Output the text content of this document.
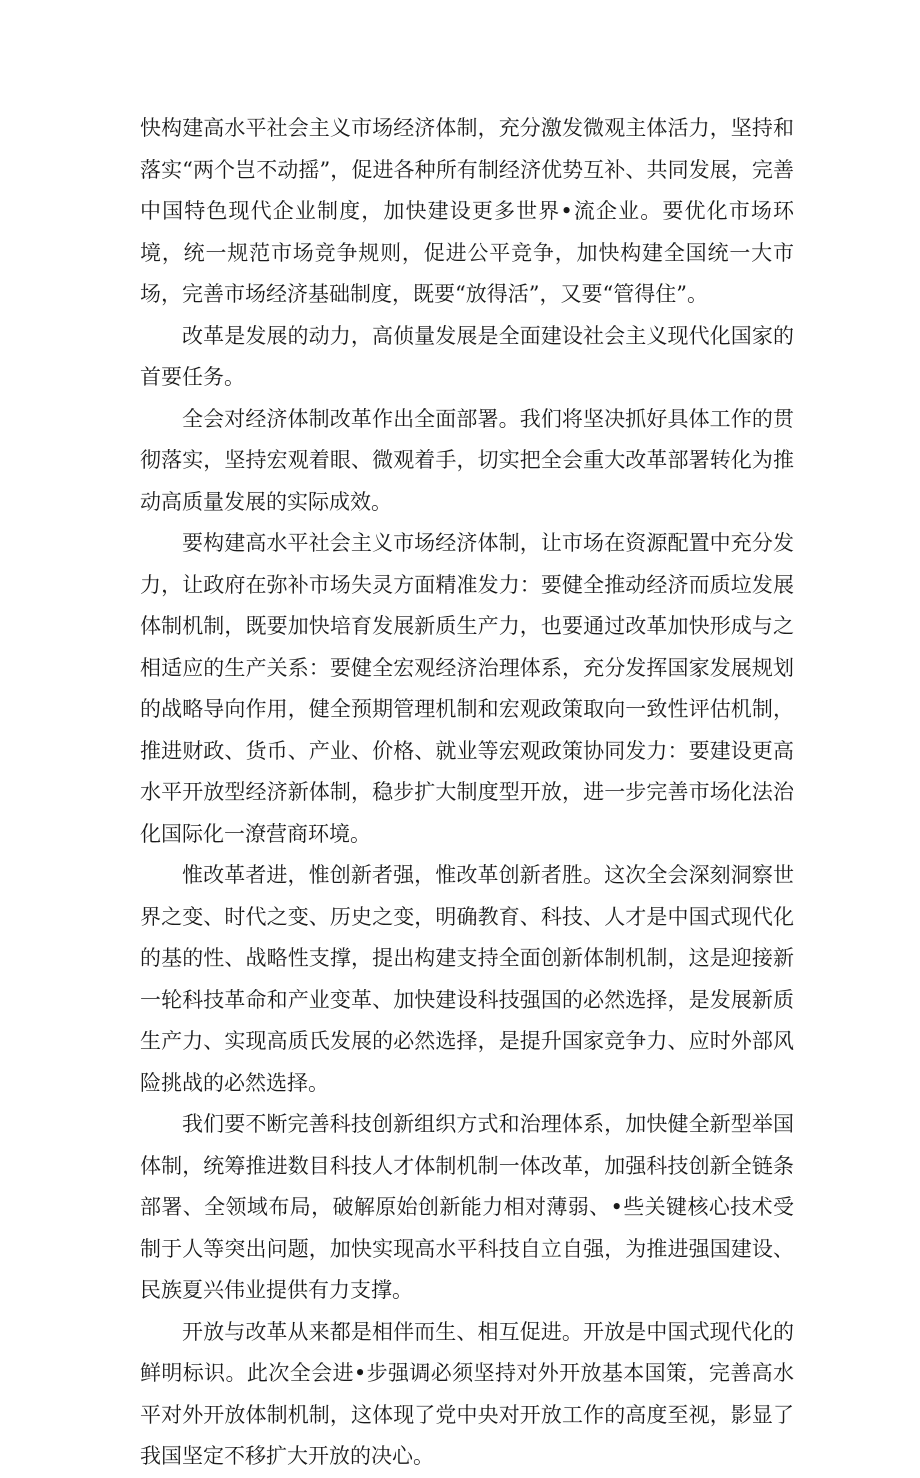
快构建高水平社会主义市场经济体制，充分激发微观主体活力，坚持和落实“两个岂不动摇”，促进各种所有制经济优势互补、共同发展，完善中国特色现代企业制度，加快建设更多世界•流企业。要优化市场环境，统一规范市场竞争规则，促进公平竞争，加快构建全国统一大市场，完善市场经济基础制度，既要“放得活”，又要“管得住”。

改革是发展的动力，高侦量发展是全面建设社会主义现代化国家的首要任务。

全会对经济体制改革作出全面部署。我们将坚决抓好具体工作的贯彻落实，坚持宏观着眼、微观着手，切实把全会重大改革部署转化为推动高质量发展的实际成效。

要构建高水平社会主义市场经济体制，让市场在资源配置中充分发力，让政府在弥补市场失灵方面精准发力：要健全推动经济而质垃发展体制机制，既要加快培育发展新质生产力，也要通过改革加快形成与之相适应的生产关系：要健全宏观经济治理体系，充分发挥国家发展规划的战略导向作用，健全预期管理机制和宏观政策取向一致性评估机制，推进财政、货币、产业、价格、就业等宏观政策协同发力：要建设更高水平开放型经济新体制，稳步扩大制度型开放，进一步完善市场化法治化国际化一潦营商环境。

惟改革者进，惟创新者强，惟改革创新者胜。这次全会深刻洞察世界之变、时代之变、历史之变，明确教育、科技、人才是中国式现代化的基的性、战略性支撑，提出构建支持全面创新体制机制，这是迎接新一轮科技革命和产业变革、加快建设科技强国的必然选择，是发展新质生产力、实现高质氏发展的必然选择，是提升国家竞争力、应时外部风险挑战的必然选择。

我们要不断完善科技创新组织方式和治理体系，加快健全新型举国体制，统筹推进数目科技人才体制机制一体改革，加强科技创新全链条部署、全领域布局，破解原始创新能力相对薄弱、•些关键核心技术受制于人等突出问题，加快实现高水平科技自立自强，为推进强国建设、民族夏兴伟业提供有力支撑。

开放与改革从来都是相伴而生、相互促进。开放是中国式现代化的鲜明标识。此次全会进•步强调必须坚持对外开放基本国策，完善高水平对外开放体制机制，这体现了党中央对开放工作的高度至视，影显了我国坚定不移扩大开放的决心。
